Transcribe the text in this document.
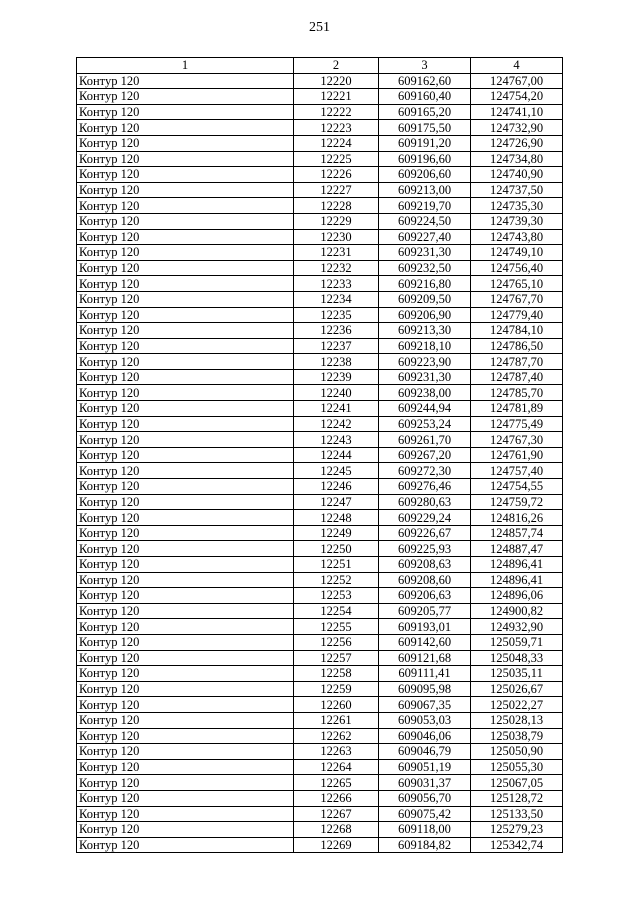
251
1	2	3	4
Контур 120	12220	609162,60	124767,00
Контур 120	12221	609160,40	124754,20
Контур 120	12222	609165,20	124741,10
Контур 120	12223	609175,50	124732,90
Контур 120	12224	609191,20	124726,90
Контур 120	12225	609196,60	124734,80
Контур 120	12226	609206,60	124740,90
Контур 120	12227	609213,00	124737,50
Контур 120	12228	609219,70	124735,30
Контур 120	12229	609224,50	124739,30
Контур 120	12230	609227,40	124743,80
Контур 120	12231	609231,30	124749,10
Контур 120	12232	609232,50	124756,40
Контур 120	12233	609216,80	124765,10
Контур 120	12234	609209,50	124767,70
Контур 120	12235	609206,90	124779,40
Контур 120	12236	609213,30	124784,10
Контур 120	12237	609218,10	124786,50
Контур 120	12238	609223,90	124787,70
Контур 120	12239	609231,30	124787,40
Контур 120	12240	609238,00	124785,70
Контур 120	12241	609244,94	124781,89
Контур 120	12242	609253,24	124775,49
Контур 120	12243	609261,70	124767,30
Контур 120	12244	609267,20	124761,90
Контур 120	12245	609272,30	124757,40
Контур 120	12246	609276,46	124754,55
Контур 120	12247	609280,63	124759,72
Контур 120	12248	609229,24	124816,26
Контур 120	12249	609226,67	124857,74
Контур 120	12250	609225,93	124887,47
Контур 120	12251	609208,63	124896,41
Контур 120	12252	609208,60	124896,41
Контур 120	12253	609206,63	124896,06
Контур 120	12254	609205,77	124900,82
Контур 120	12255	609193,01	124932,90
Контур 120	12256	609142,60	125059,71
Контур 120	12257	609121,68	125048,33
Контур 120	12258	609111,41	125035,11
Контур 120	12259	609095,98	125026,67
Контур 120	12260	609067,35	125022,27
Контур 120	12261	609053,03	125028,13
Контур 120	12262	609046,06	125038,79
Контур 120	12263	609046,79	125050,90
Контур 120	12264	609051,19	125055,30
Контур 120	12265	609031,37	125067,05
Контур 120	12266	609056,70	125128,72
Контур 120	12267	609075,42	125133,50
Контур 120	12268	609118,00	125279,23
Контур 120	12269	609184,82	125342,74
